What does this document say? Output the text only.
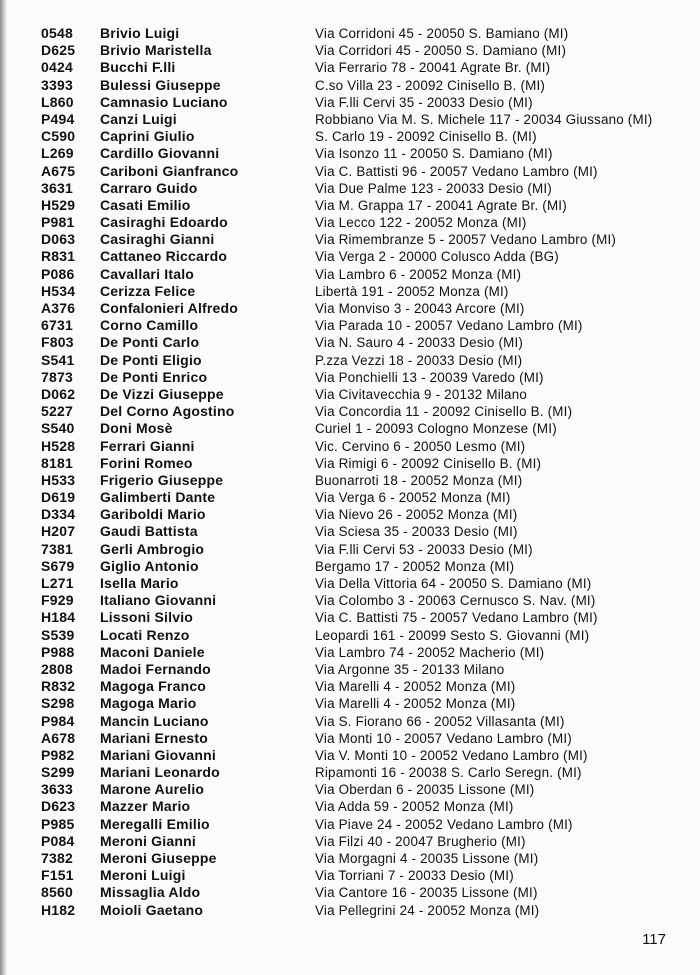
0548 Brivio Luigi	Via Corridoni 45 - 20050 S. Bamiano (MI)
D625 Brivio Maristella	Via Corridori 45 - 20050 S. Damiano (MI)
0424 Bucchi F.lli	Via Ferrario 78 - 20041 Agrate Br. (MI)
3393 Bulessi Giuseppe	C.so Villa 23 - 20092 Cinisello B. (MI)
L860 Camnasio Luciano	Via F.lli Cervi 35 - 20033 Desio (MI)
P494 Canzi Luigi	Robbiano Via M. S. Michele 117 - 20034 Giussano (MI)
C590 Caprini Giulio	S. Carlo 19 - 20092 Cinisello B. (MI)
L269 Cardillo Giovanni	Via Isonzo 11 - 20050 S. Damiano (MI)
A675 Cariboni Gianfranco	Via C. Battisti 96 - 20057 Vedano Lambro (MI)
3631 Carraro Guido	Via Due Palme 123 - 20033 Desio (MI)
H529 Casati Emilio	Via M. Grappa 17 - 20041 Agrate Br. (MI)
P981 Casiraghi Edoardo	Via Lecco 122 - 20052 Monza (MI)
D063 Casiraghi Gianni	Via Rimembranze 5 - 20057 Vedano Lambro (MI)
R831 Cattaneo Riccardo	Via Verga 2 - 20000 Colusco Adda (BG)
P086 Cavallari Italo	Via Lambro 6 - 20052 Monza (MI)
H534 Cerizza Felice	Libertà 191 - 20052 Monza (MI)
A376 Confalonieri Alfredo	Via Monviso 3 - 20043 Arcore (MI)
6731 Corno Camillo	Via Parada 10 - 20057 Vedano Lambro (MI)
F803 De Ponti Carlo	Via N. Sauro 4 - 20033 Desio (MI)
S541 De Ponti Eligio	P.zza Vezzi 18 - 20033 Desio (MI)
7873 De Ponti Enrico	Via Ponchielli 13 - 20039 Varedo (MI)
D062 De Vizzi Giuseppe	Via Civitavecchia 9 - 20132 Milano
5227 Del Corno Agostino	Via Concordia 11 - 20092 Cinisello B. (MI)
S540 Doni Mosè	Curiel 1 - 20093 Cologno Monzese (MI)
H528 Ferrari Gianni	Vic. Cervino 6 - 20050 Lesmo (MI)
8181 Forini Romeo	Via Rimigi 6 - 20092 Cinisello B. (MI)
H533 Frigerio Giuseppe	Buonarroti 18 - 20052 Monza (MI)
D619 Galimberti Dante	Via Verga 6 - 20052 Monza (MI)
D334 Gariboldi Mario	Via Nievo 26 - 20052 Monza (MI)
H207 Gaudi Battista	Via Sciesa 35 - 20033 Desio (MI)
7381 Gerli Ambrogio	Via F.lli Cervi 53 - 20033 Desio (MI)
S679 Giglio Antonio	Bergamo 17 - 20052 Monza (MI)
L271 Isella Mario	Via Della Vittoria 64 - 20050 S. Damiano (MI)
F929 Italiano Giovanni	Via Colombo 3 - 20063 Cernusco S. Nav. (MI)
H184 Lissoni Silvio	Via C. Battisti 75 - 20057 Vedano Lambro (MI)
S539 Locati Renzo	Leopardi 161 - 20099 Sesto S. Giovanni (MI)
P988 Maconi Daniele	Via Lambro 74 - 20052 Macherio (MI)
2808 Madoi Fernando	Via Argonne 35 - 20133 Milano
R832 Magoga Franco	Via Marelli 4 - 20052 Monza (MI)
S298 Magoga Mario	Via Marelli 4 - 20052 Monza (MI)
P984 Mancin Luciano	Via S. Fiorano 66 - 20052 Villasanta (MI)
A678 Mariani Ernesto	Via Monti 10 - 20057 Vedano Lambro (MI)
P982 Mariani Giovanni	Via V. Monti 10 - 20052 Vedano Lambro (MI)
S299 Mariani Leonardo	Ripamonti 16 - 20038 S. Carlo Seregn. (MI)
3633 Marone Aurelio	Via Oberdan 6 - 20035 Lissone (MI)
D623 Mazzer Mario	Via Adda 59 - 20052 Monza (MI)
P985 Meregalli Emilio	Via Piave 24 - 20052 Vedano Lambro (MI)
P084 Meroni Gianni	Via Filzi 40 - 20047 Brugherio (MI)
7382 Meroni Giuseppe	Via Morgagni 4 - 20035 Lissone (MI)
F151 Meroni Luigi	Via Torriani 7 - 20033 Desio (MI)
8560 Missaglia Aldo	Via Cantore 16 - 20035 Lissone (MI)
H182 Moioli Gaetano	Via Pellegrini 24 - 20052 Monza (MI)
117
